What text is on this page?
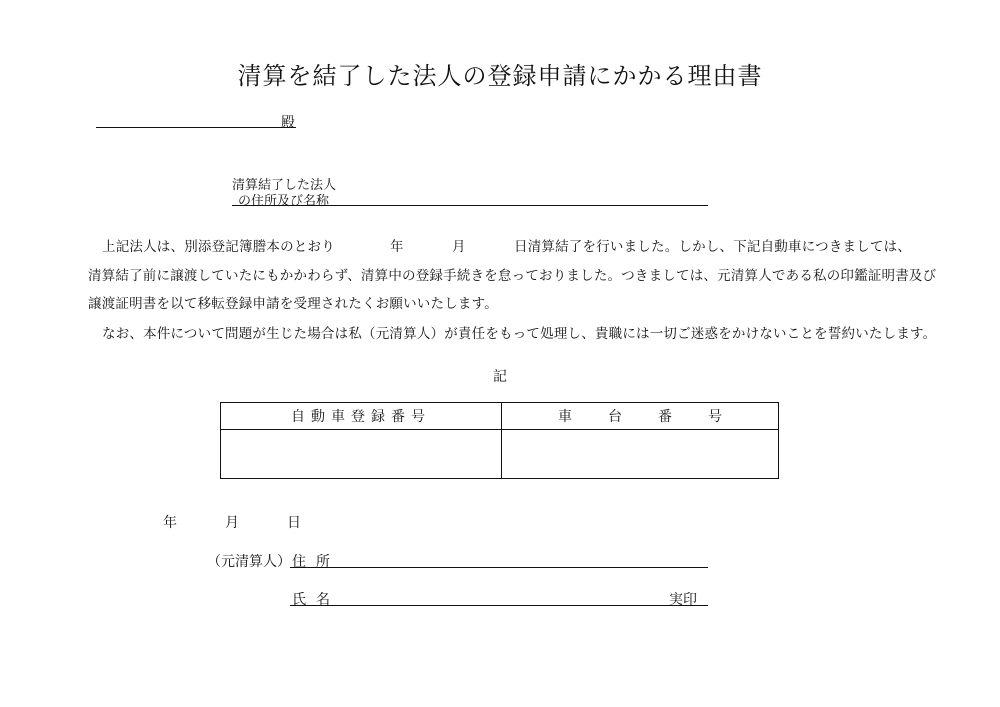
清算を結了した法人の登録申請にかかる理由書
殿
清算結了した法人
の住所及び名称
上記法人は、別添登記簿謄本のとおり	年	月	日清算結了を行いました。しかし、下記自動車につきましては、
清算結了前に譲渡していたにもかかわらず、清算中の登録手続きを怠っておりました。つきましては、元清算人である私の印鑑証明書及び
譲渡証明書を以て移転登録申請を受理されたくお願いいたします。
なお、本件について問題が生じた場合は私（元清算人）が責任をもって処理し、貴職には一切ご迷惑をかけないことを誓約いたします。
記
自動車登録番号	車台番号

年	月	日
（元清算人） 住所
氏名	実印
